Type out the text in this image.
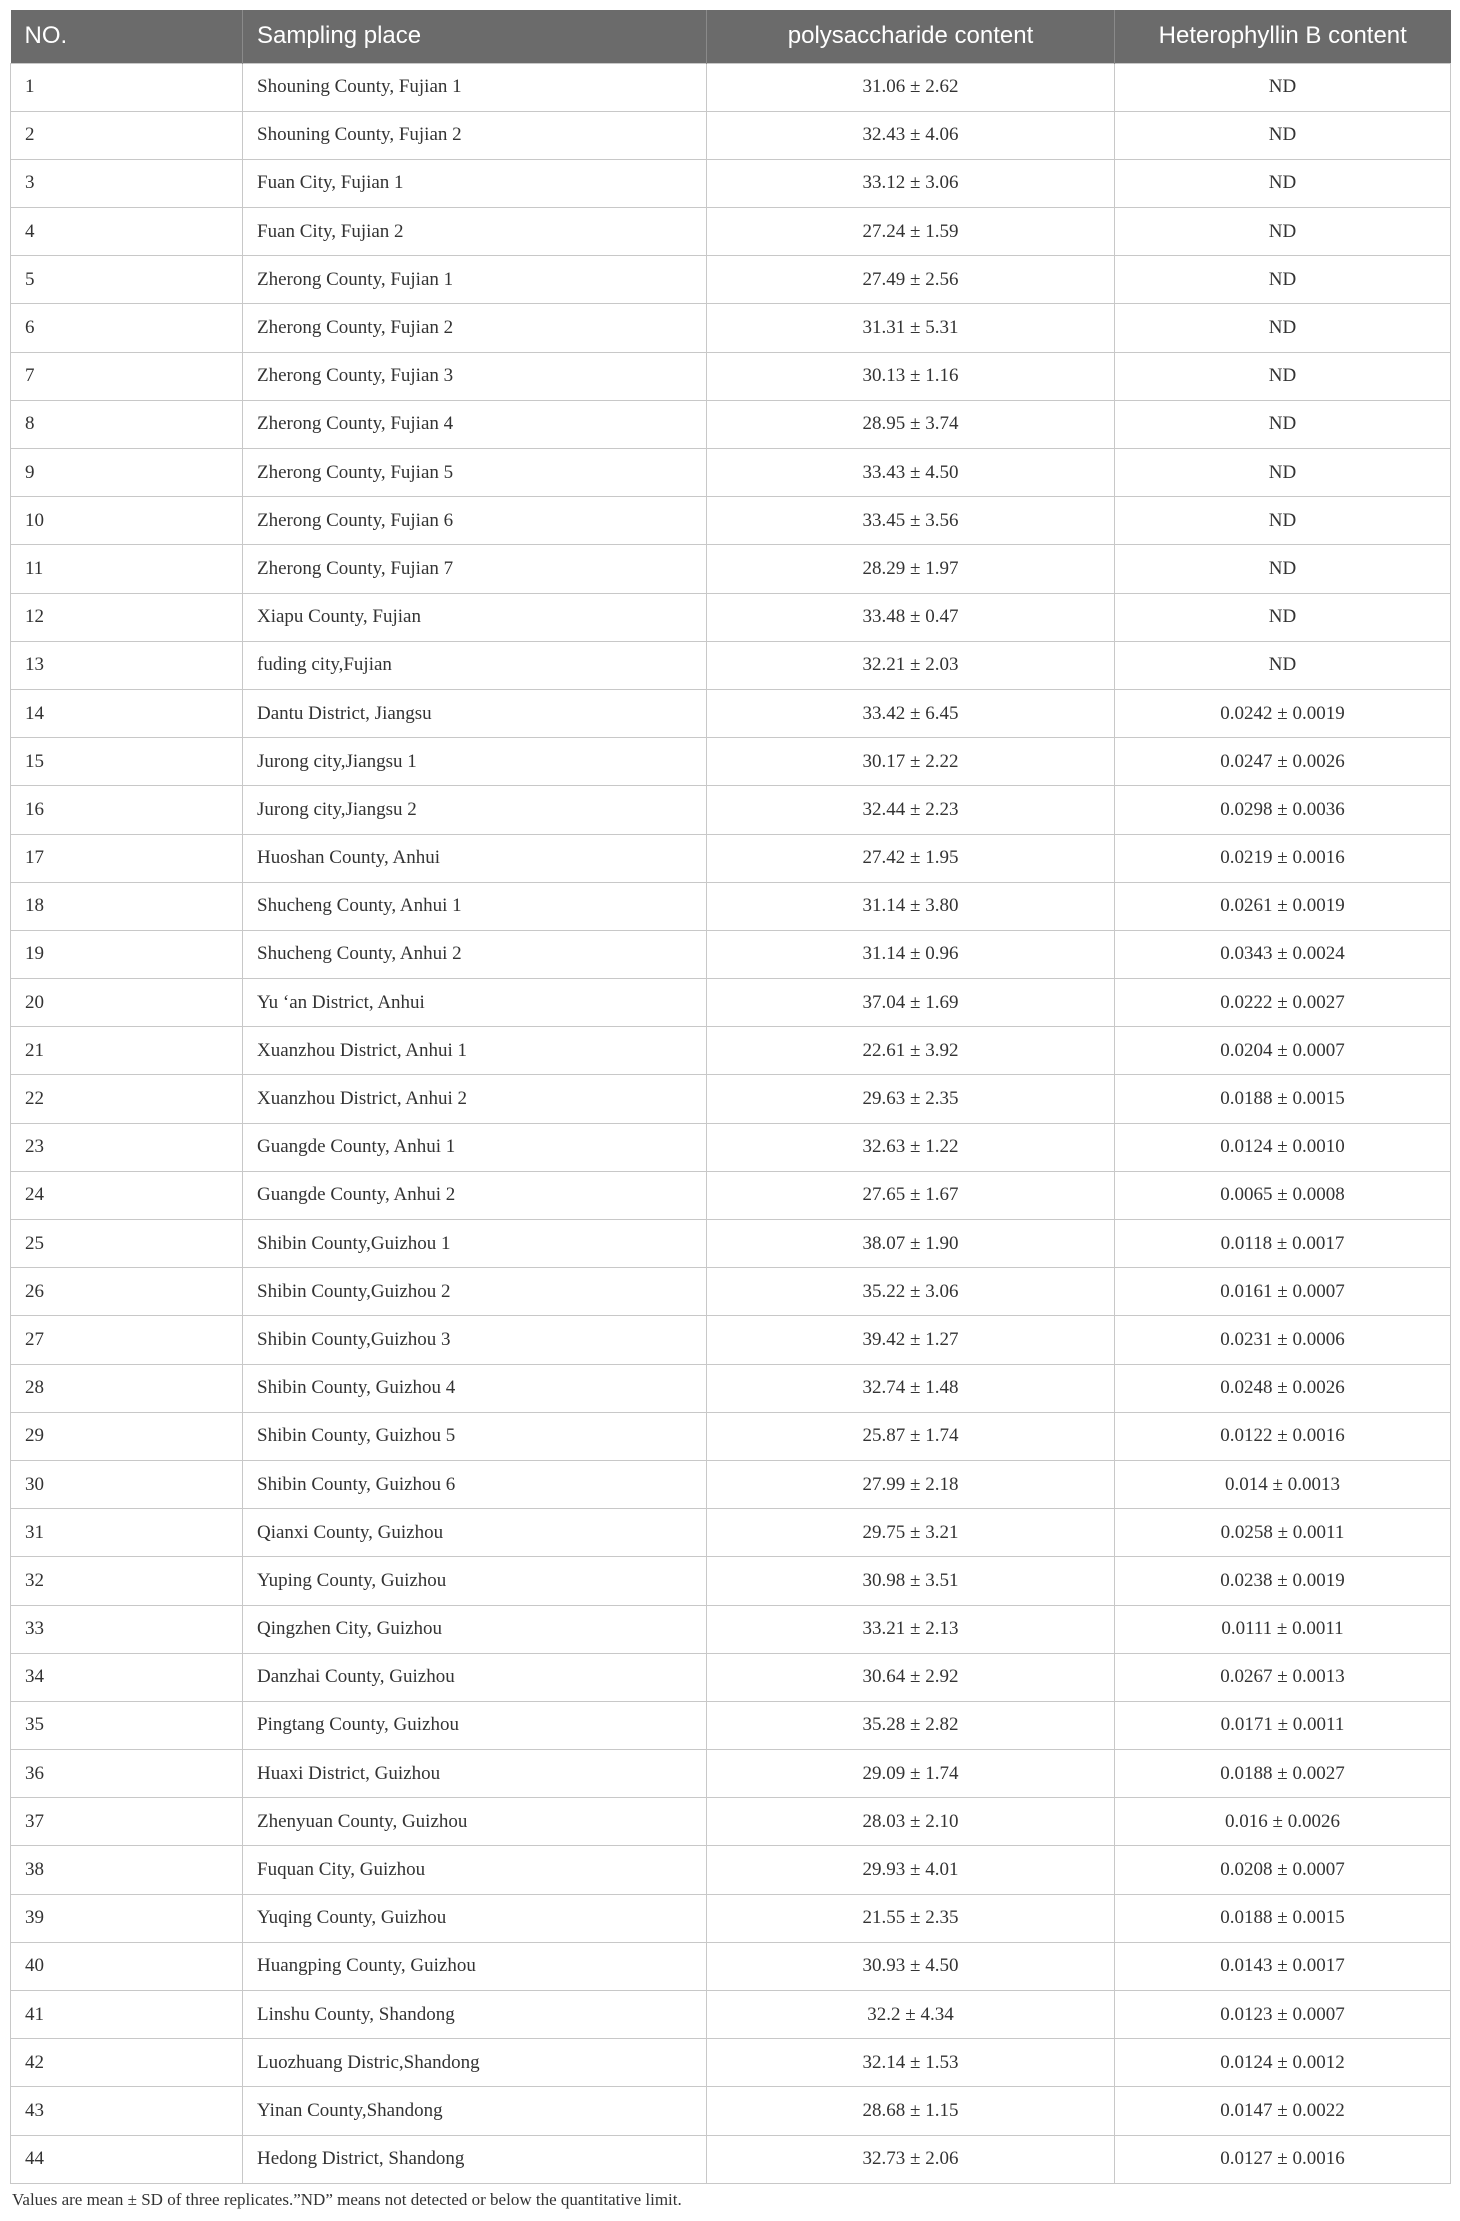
NO.	Sampling place	polysaccharide content	Heterophyllin B content
1	Shouning County, Fujian 1	31.06 ± 2.62	ND
2	Shouning County, Fujian 2	32.43 ± 4.06	ND
3	Fuan City, Fujian 1	33.12 ± 3.06	ND
4	Fuan City, Fujian 2	27.24 ± 1.59	ND
5	Zherong County, Fujian 1	27.49 ± 2.56	ND
6	Zherong County, Fujian 2	31.31 ± 5.31	ND
7	Zherong County, Fujian 3	30.13 ± 1.16	ND
8	Zherong County, Fujian 4	28.95 ± 3.74	ND
9	Zherong County, Fujian 5	33.43 ± 4.50	ND
10	Zherong County, Fujian 6	33.45 ± 3.56	ND
11	Zherong County, Fujian 7	28.29 ± 1.97	ND
12	Xiapu County, Fujian	33.48 ± 0.47	ND
13	fuding city,Fujian	32.21 ± 2.03	ND
14	Dantu District, Jiangsu	33.42 ± 6.45	0.0242 ± 0.0019
15	Jurong city,Jiangsu 1	30.17 ± 2.22	0.0247 ± 0.0026
16	Jurong city,Jiangsu 2	32.44 ± 2.23	0.0298 ± 0.0036
17	Huoshan County, Anhui	27.42 ± 1.95	0.0219 ± 0.0016
18	Shucheng County, Anhui 1	31.14 ± 3.80	0.0261 ± 0.0019
19	Shucheng County, Anhui 2	31.14 ± 0.96	0.0343 ± 0.0024
20	Yu ‘an District, Anhui	37.04 ± 1.69	0.0222 ± 0.0027
21	Xuanzhou District, Anhui 1	22.61 ± 3.92	0.0204 ± 0.0007
22	Xuanzhou District, Anhui 2	29.63 ± 2.35	0.0188 ± 0.0015
23	Guangde County, Anhui 1	32.63 ± 1.22	0.0124 ± 0.0010
24	Guangde County, Anhui 2	27.65 ± 1.67	0.0065 ± 0.0008
25	Shibin County,Guizhou 1	38.07 ± 1.90	0.0118 ± 0.0017
26	Shibin County,Guizhou 2	35.22 ± 3.06	0.0161 ± 0.0007
27	Shibin County,Guizhou 3	39.42 ± 1.27	0.0231 ± 0.0006
28	Shibin County, Guizhou 4	32.74 ± 1.48	0.0248 ± 0.0026
29	Shibin County, Guizhou 5	25.87 ± 1.74	0.0122 ± 0.0016
30	Shibin County, Guizhou 6	27.99 ± 2.18	0.014 ± 0.0013
31	Qianxi County, Guizhou	29.75 ± 3.21	0.0258 ± 0.0011
32	Yuping County, Guizhou	30.98 ± 3.51	0.0238 ± 0.0019
33	Qingzhen City, Guizhou	33.21 ± 2.13	0.0111 ± 0.0011
34	Danzhai County, Guizhou	30.64 ± 2.92	0.0267 ± 0.0013
35	Pingtang County, Guizhou	35.28 ± 2.82	0.0171 ± 0.0011
36	Huaxi District, Guizhou	29.09 ± 1.74	0.0188 ± 0.0027
37	Zhenyuan County, Guizhou	28.03 ± 2.10	0.016 ± 0.0026
38	Fuquan City, Guizhou	29.93 ± 4.01	0.0208 ± 0.0007
39	Yuqing County, Guizhou	21.55 ± 2.35	0.0188 ± 0.0015
40	Huangping County, Guizhou	30.93 ± 4.50	0.0143 ± 0.0017
41	Linshu County, Shandong	32.2 ± 4.34	0.0123 ± 0.0007
42	Luozhuang Distric,Shandong	32.14 ± 1.53	0.0124 ± 0.0012
43	Yinan County,Shandong	28.68 ± 1.15	0.0147 ± 0.0022
44	Hedong District, Shandong	32.73 ± 2.06	0.0127 ± 0.0016
Values are mean ± SD of three replicates.”ND” means not detected or below the quantitative limit.
